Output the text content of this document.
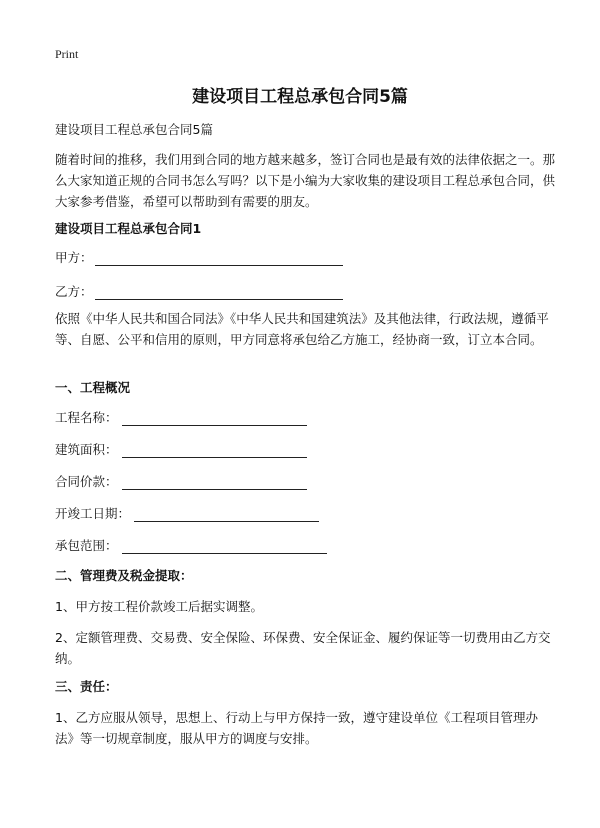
Print
建设项目工程总承包合同5篇
建设项目工程总承包合同5篇

随着时间的推移，我们用到合同的地方越来越多，签订合同也是最有效的法律依据之一。那么大家知道正规的合同书怎么写吗？以下是小编为大家收集的建设项目工程总承包合同，供大家参考借鉴，希望可以帮助到有需要的朋友。

建设项目工程总承包合同1
甲方：
乙方：

依照《中华人民共和国合同法》《中华人民共和国建筑法》及其他法律，行政法规，遵循平等、自愿、公平和信用的原则，甲方同意将承包给乙方施工，经协商一致，订立本合同。

一、工程概况
工程名称：
建筑面积：
合同价款：
开竣工日期：
承包范围：
二、管理费及税金提取：

1、甲方按工程价款竣工后据实调整。

2、定额管理费、交易费、安全保险、环保费、安全保证金、履约保证等一切费用由乙方交纳。

三、责任：

1、乙方应服从领导，思想上、行动上与甲方保持一致，遵守建设单位《工程项目管理办法》等一切规章制度，服从甲方的调度与安排。
